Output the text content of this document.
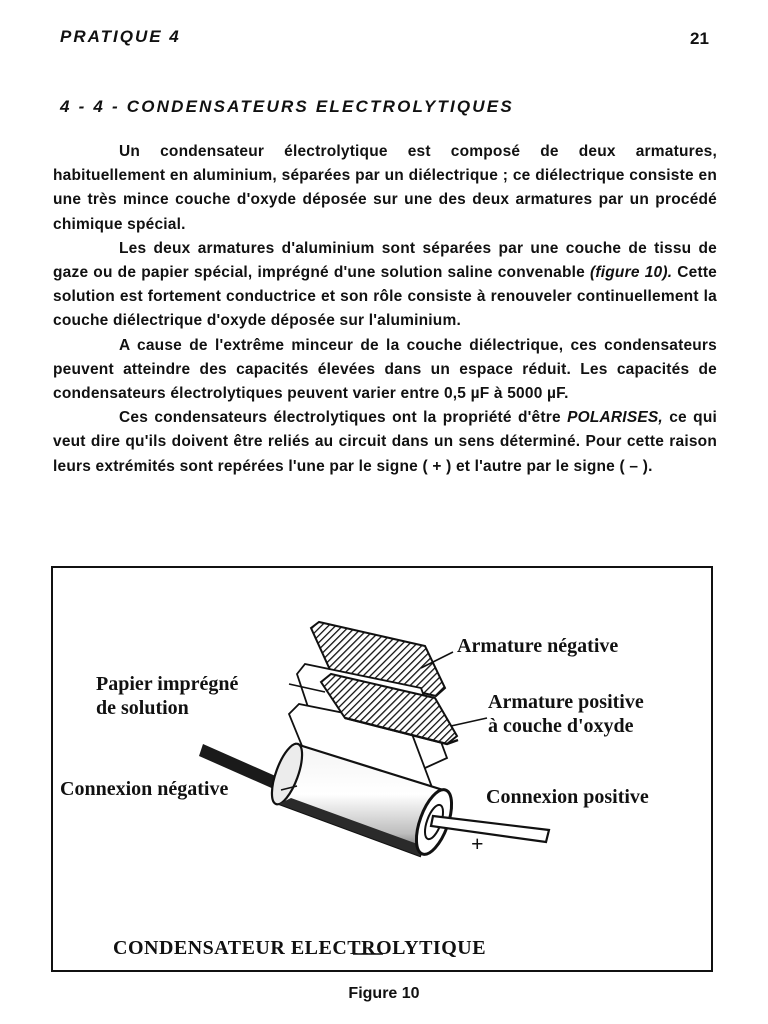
PRATIQUE 4	21
4 - 4 - CONDENSATEURS ELECTROLYTIQUES

Un condensateur électrolytique est composé de deux armatures, habituellement en aluminium, séparées par un diélectrique ; ce diélectrique consiste en une très mince couche d'oxyde déposée sur une des deux armatures par un procédé chimique spécial.

Les deux armatures d'aluminium sont séparées par une couche de tissu de gaze ou de papier spécial, imprégné d'une solution saline convenable (figure 10). Cette solution est fortement conductrice et son rôle consiste à renouveler continuellement la couche diélectrique d'oxyde déposée sur l'aluminium.

A cause de l'extrême minceur de la couche diélectrique, ces condensateurs peuvent atteindre des capacités élevées dans un espace réduit. Les capacités de condensateurs électrolytiques peuvent varier entre 0,5 µF à 5000 µF.

Ces condensateurs électrolytiques ont la propriété d'être POLARISES, ce qui veut dire qu'ils doivent être reliés au circuit dans un sens déterminé. Pour cette raison leurs extrémités sont repérées l'une par le signe ( + ) et l'autre par le signe ( – ).

Armature négative
Papier imprégné
de solution	Armature positive
à couche d'oxyde
Connexion négative	Connexion positive
+
CONDENSATEUR ELECTROLYTIQUE
Figure 10
